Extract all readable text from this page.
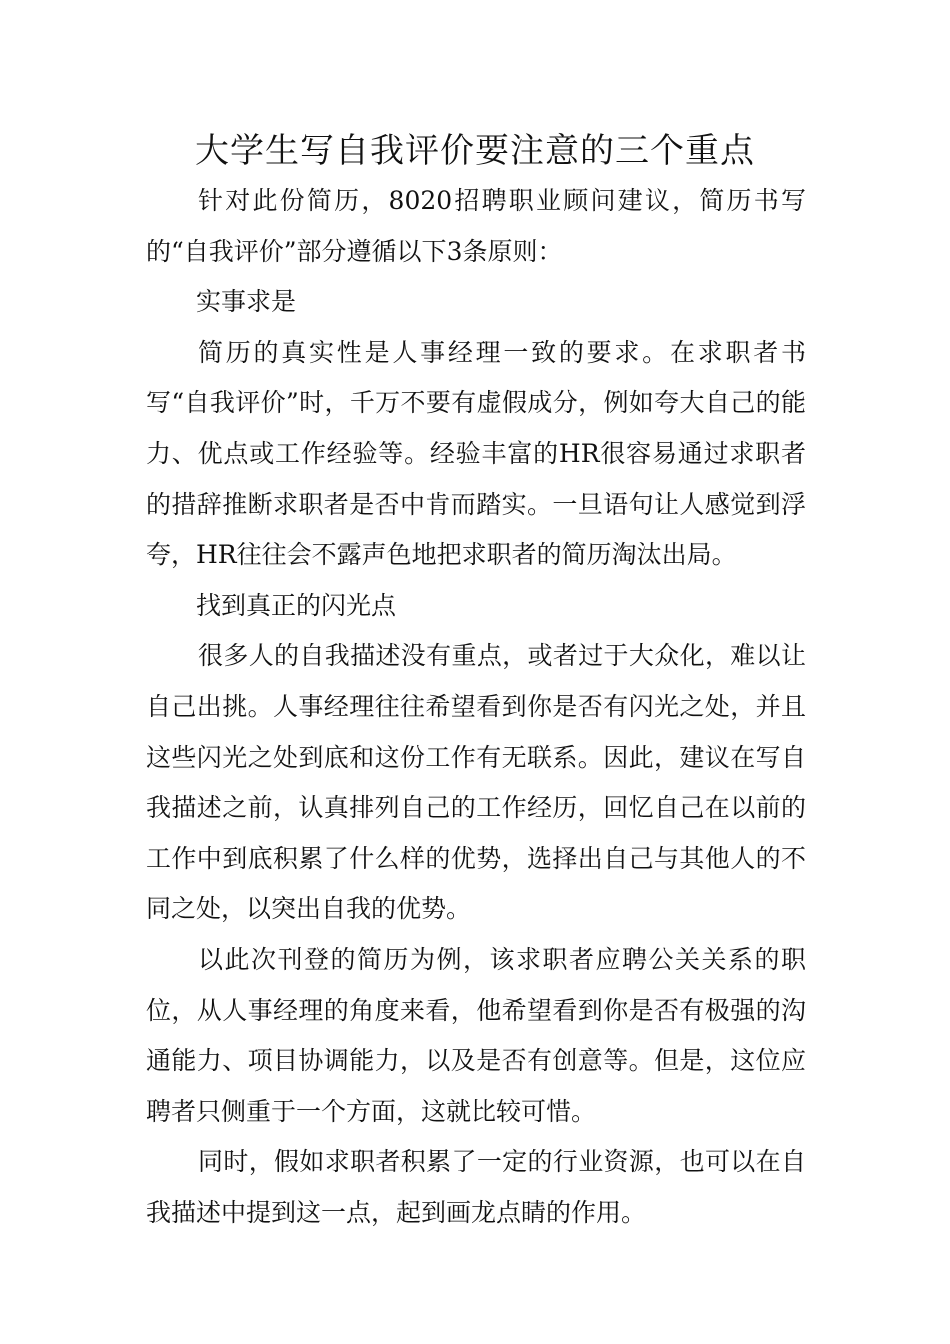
大学生写自我评价要注意的三个重点

针对此份简历，8020招聘职业顾问建议，简历书写的“自我评价”部分遵循以下3条原则：

实事求是

简历的真实性是人事经理一致的要求。在求职者书写“自我评价”时，千万不要有虚假成分，例如夸大自己的能力、优点或工作经验等。经验丰富的HR很容易通过求职者的措辞推断求职者是否中肯而踏实。一旦语句让人感觉到浮夸，HR往往会不露声色地把求职者的简历淘汰出局。

找到真正的闪光点

很多人的自我描述没有重点，或者过于大众化，难以让自己出挑。人事经理往往希望看到你是否有闪光之处，并且这些闪光之处到底和这份工作有无联系。因此，建议在写自我描述之前，认真排列自己的工作经历，回忆自己在以前的工作中到底积累了什么样的优势，选择出自己与其他人的不同之处，以突出自我的优势。

以此次刊登的简历为例，该求职者应聘公关关系的职位，从人事经理的角度来看，他希望看到你是否有极强的沟通能力、项目协调能力，以及是否有创意等。但是，这位应聘者只侧重于一个方面，这就比较可惜。

同时，假如求职者积累了一定的行业资源，也可以在自我描述中提到这一点，起到画龙点睛的作用。
